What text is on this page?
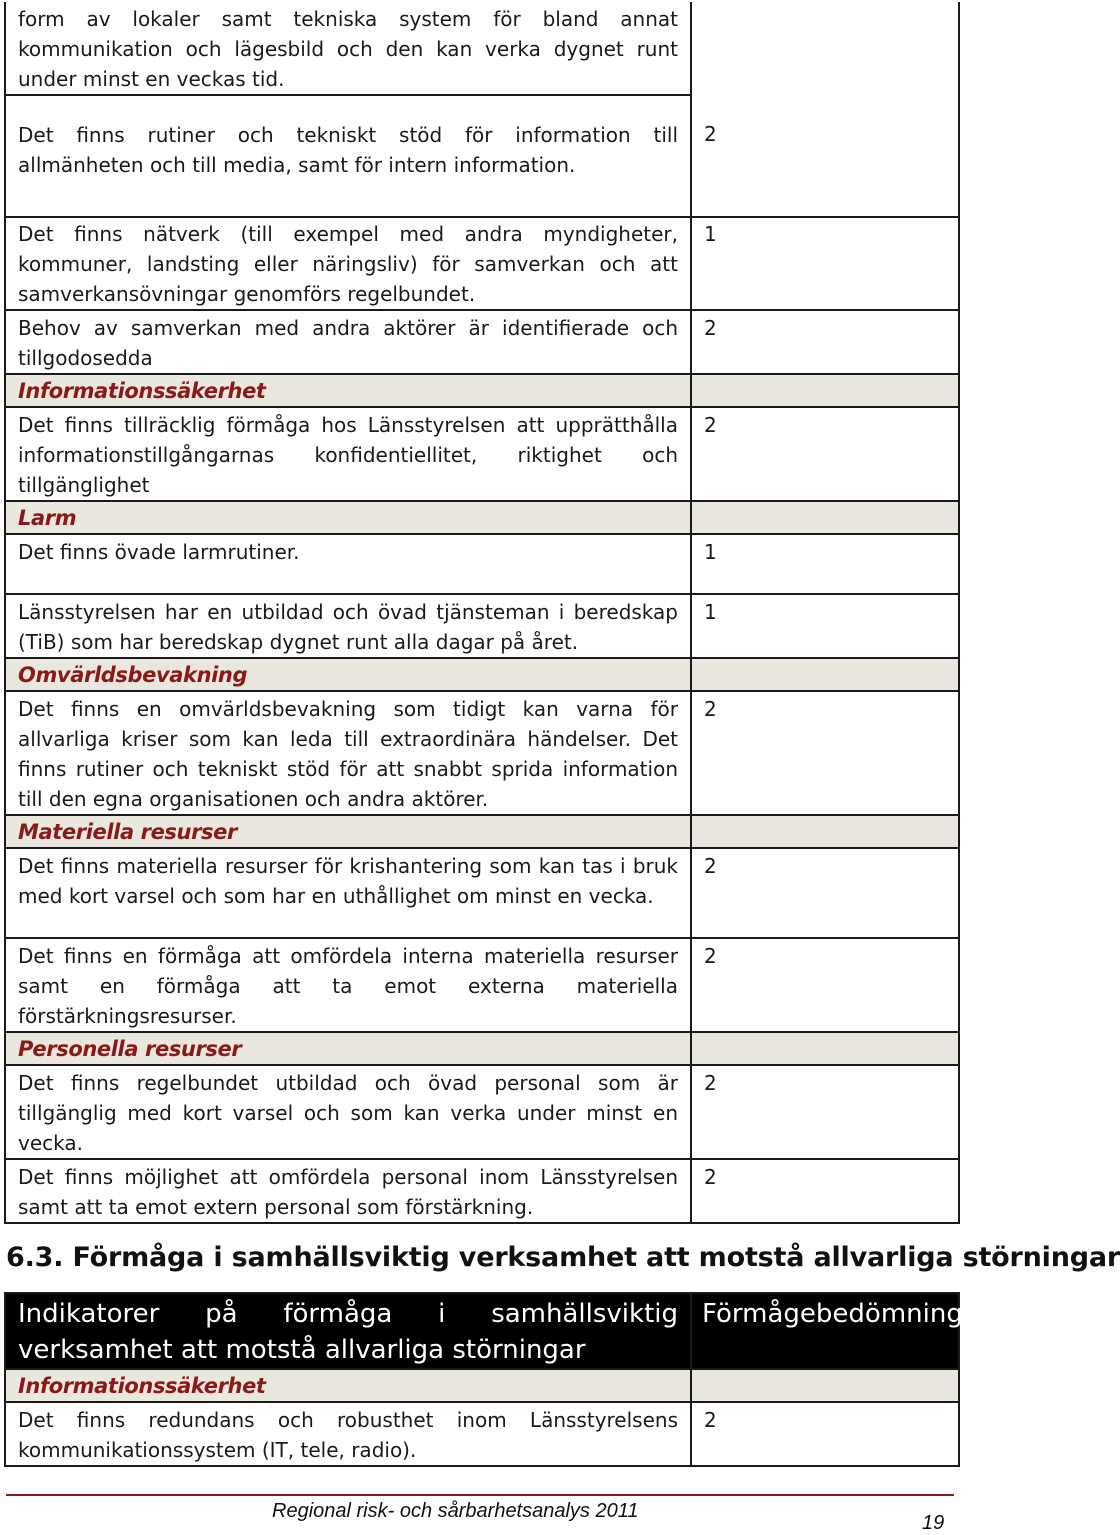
form av lokaler samt tekniska system för bland annat kommunikation och lägesbild och den kan verka dygnet runt under minst en veckas tid.	
Det finns rutiner och tekniskt stöd för information till allmänheten och till media, samt för intern information.	2
Det finns nätverk (till exempel med andra myndigheter, kommuner, landsting eller näringsliv) för samverkan och att samverkansövningar genomförs regelbundet.	1
Behov av samverkan med andra aktörer är identifierade och tillgodosedda	2
Informationssäkerhet	
Det finns tillräcklig förmåga hos Länsstyrelsen att upprätthålla informationstillgångarnas konfidentiellitet, riktighet och tillgänglighet	2
Larm	
Det finns övade larmrutiner.	1
Länsstyrelsen har en utbildad och övad tjänsteman i beredskap (TiB) som har beredskap dygnet runt alla dagar på året.	1
Omvärldsbevakning	
Det finns en omvärldsbevakning som tidigt kan varna för allvarliga kriser som kan leda till extraordinära händelser. Det finns rutiner och tekniskt stöd för att snabbt sprida information till den egna organisationen och andra aktörer.	2
Materiella resurser	
Det finns materiella resurser för krishantering som kan tas i bruk med kort varsel och som har en uthållighet om minst en vecka.	2
Det finns en förmåga att omfördela interna materiella resurser samt en förmåga att ta emot externa materiella förstärkningsresurser.	2
Personella resurser	
Det finns regelbundet utbildad och övad personal som är tillgänglig med kort varsel och som kan verka under minst en vecka.	2
Det finns möjlighet att omfördela personal inom Länsstyrelsen samt att ta emot extern personal som förstärkning.	2
6.3. Förmåga i samhällsviktig verksamhet att motstå allvarliga störningar
Indikatorer på förmåga i samhällsviktig verksamhet att motstå allvarliga störningar	Förmågebedömning
Informationssäkerhet	
Det finns redundans och robusthet inom Länsstyrelsens kommunikationssystem (IT, tele, radio).	2
Regional risk- och sårbarhetsanalys 2011
19
